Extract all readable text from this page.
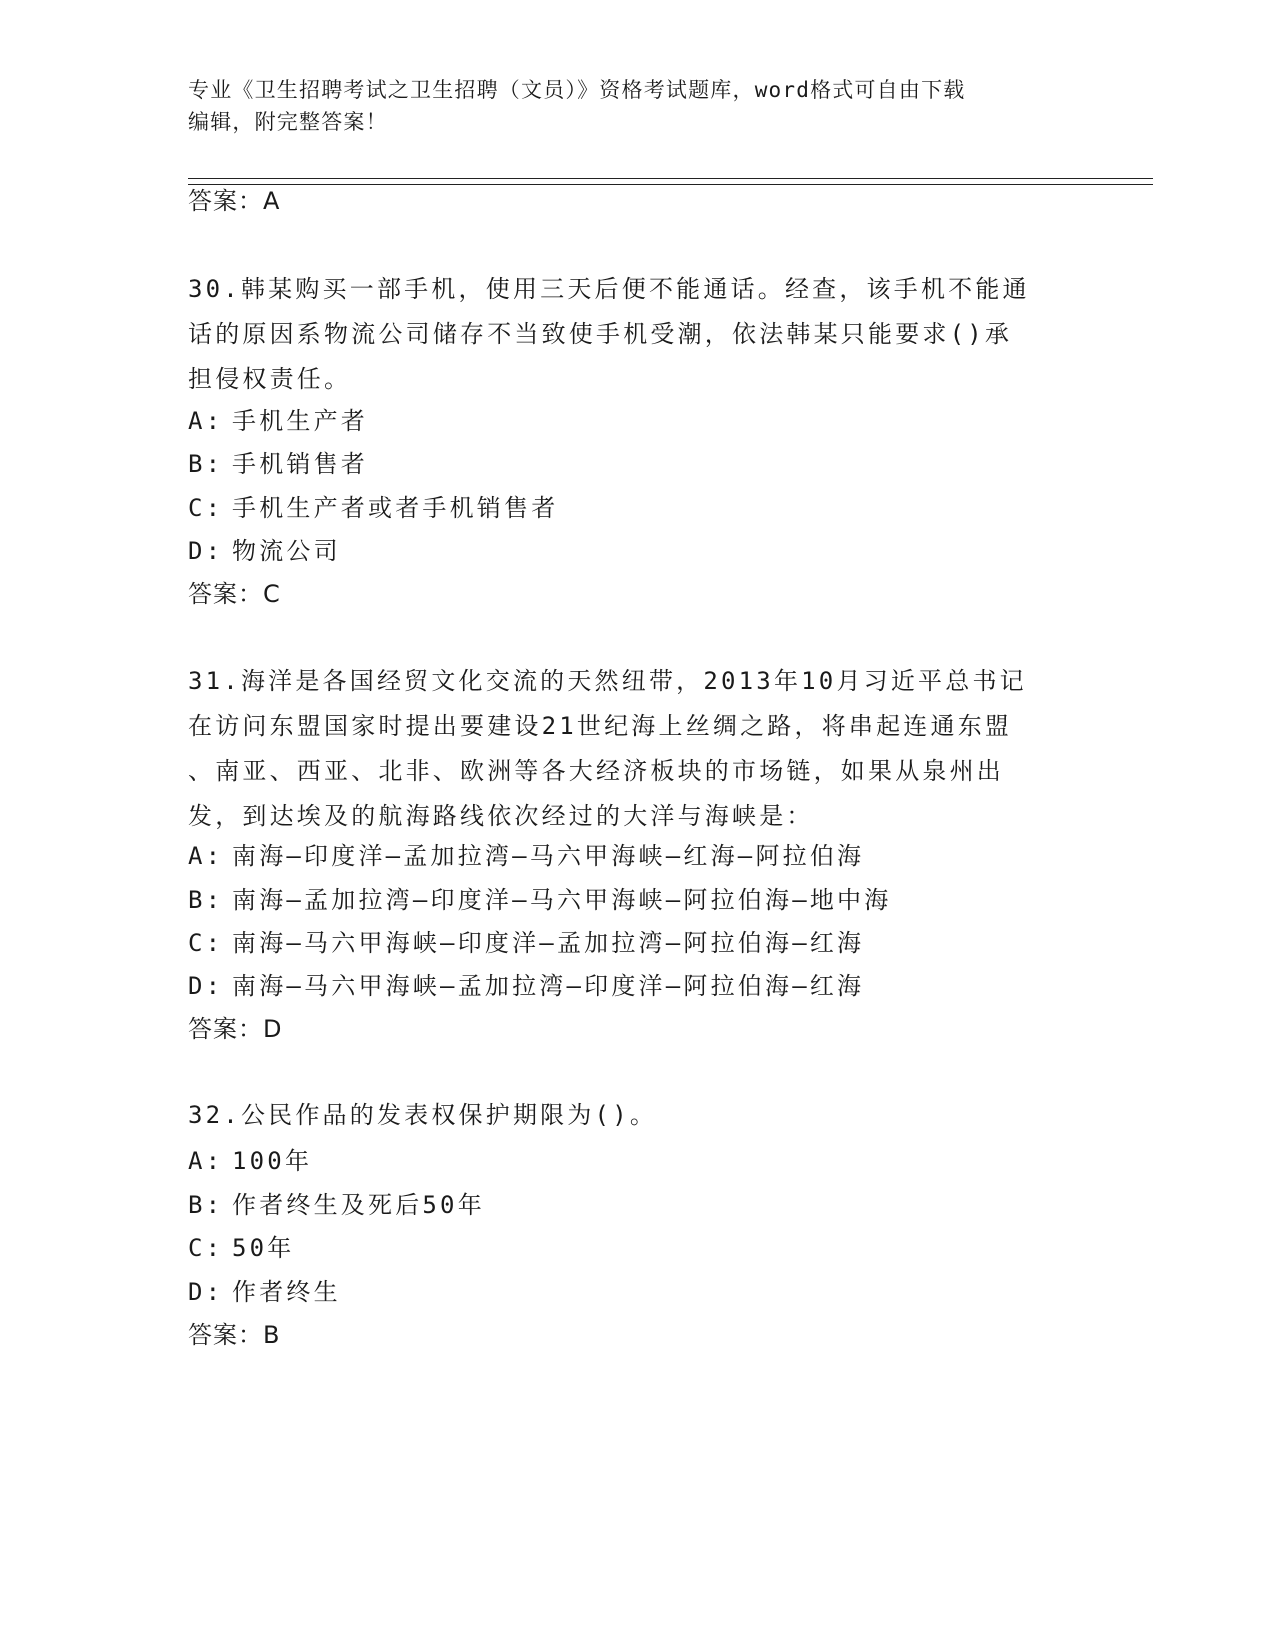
专业《卫生招聘考试之卫生招聘（文员）》资格考试题库，word格式可自由下载
编辑，附完整答案！
答案：A
30.韩某购买一部手机，使用三天后便不能通话。经查，该手机不能通
话的原因系物流公司储存不当致使手机受潮，依法韩某只能要求()承
担侵权责任。
A: 手机生产者
B: 手机销售者
C: 手机生产者或者手机销售者
D: 物流公司
答案：C
31.海洋是各国经贸文化交流的天然纽带，2013年10月习近平总书记
在访问东盟国家时提出要建设21世纪海上丝绸之路，将串起连通东盟
、南亚、西亚、北非、欧洲等各大经济板块的市场链，如果从泉州出
发，到达埃及的航海路线依次经过的大洋与海峡是：
A: 南海—印度洋—孟加拉湾—马六甲海峡—红海—阿拉伯海
B: 南海—孟加拉湾—印度洋—马六甲海峡—阿拉伯海—地中海
C: 南海—马六甲海峡—印度洋—孟加拉湾—阿拉伯海—红海
D: 南海—马六甲海峡—孟加拉湾—印度洋—阿拉伯海—红海
答案：D
32.公民作品的发表权保护期限为()。
A: 100年
B: 作者终生及死后50年
C: 50年
D: 作者终生
答案：B
